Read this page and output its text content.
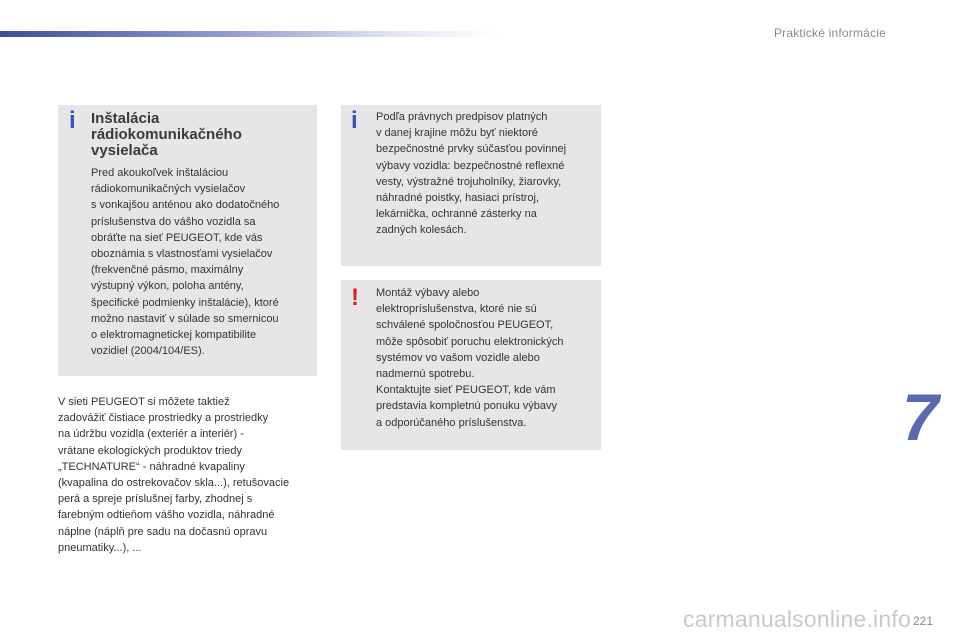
Praktické informácie
i Inštalácia rádiokomunikačného vysielača
Pred akoukoľvek inštaláciou
rádiokomunikačných vysielačov
s vonkajšou anténou ako dodatočného
príslušenstva do vášho vozidla sa
obráťte na sieť PEUGEOT, kde vás
oboznámia s vlastnosťami vysielačov
(frekvenčné pásmo, maximálny
výstupný výkon, poloha antény,
špecifické podmienky inštalácie), ktoré
možno nastaviť v súlade so smernicou
o elektromagnetickej kompatibilite
vozidiel (2004/104/ES).
i Podľa právnych predpisov platných
v danej krajine môžu byť niektoré
bezpečnostné prvky súčasťou povinnej
výbavy vozidla: bezpečnostné reflexné
vesty, výstražné trojuholníky, žiarovky,
náhradné poistky, hasiaci prístroj,
lekárnička, ochranné zásterky na
zadných kolesách.
! Montáž výbavy alebo
elektropríslušenstva, ktoré nie sú
schválené spoločnosťou PEUGEOT,
môže spôsobiť poruchu elektronických
systémov vo vašom vozidle alebo
nadmernú spotrebu.
Kontaktujte sieť PEUGEOT, kde vám
predstavia kompletnú ponuku výbavy
a odporúčaného príslušenstva.
V sieti PEUGEOT si môžete taktiež
zadovážiť čistiace prostriedky a prostriedky
na údržbu vozidla (exteriér a interiér) -
vrátane ekologických produktov triedy
„TECHNATURE“ - náhradné kvapaliny
(kvapalina do ostrekovačov skla...), retušovacie
perá a spreje príslušnej farby, zhodnej s
farebným odtieňom vášho vozidla, náhradné
náplne (náplň pre sadu na dočasnú opravu
pneumatiky...), ...
7
carmanualsonline.info 221
